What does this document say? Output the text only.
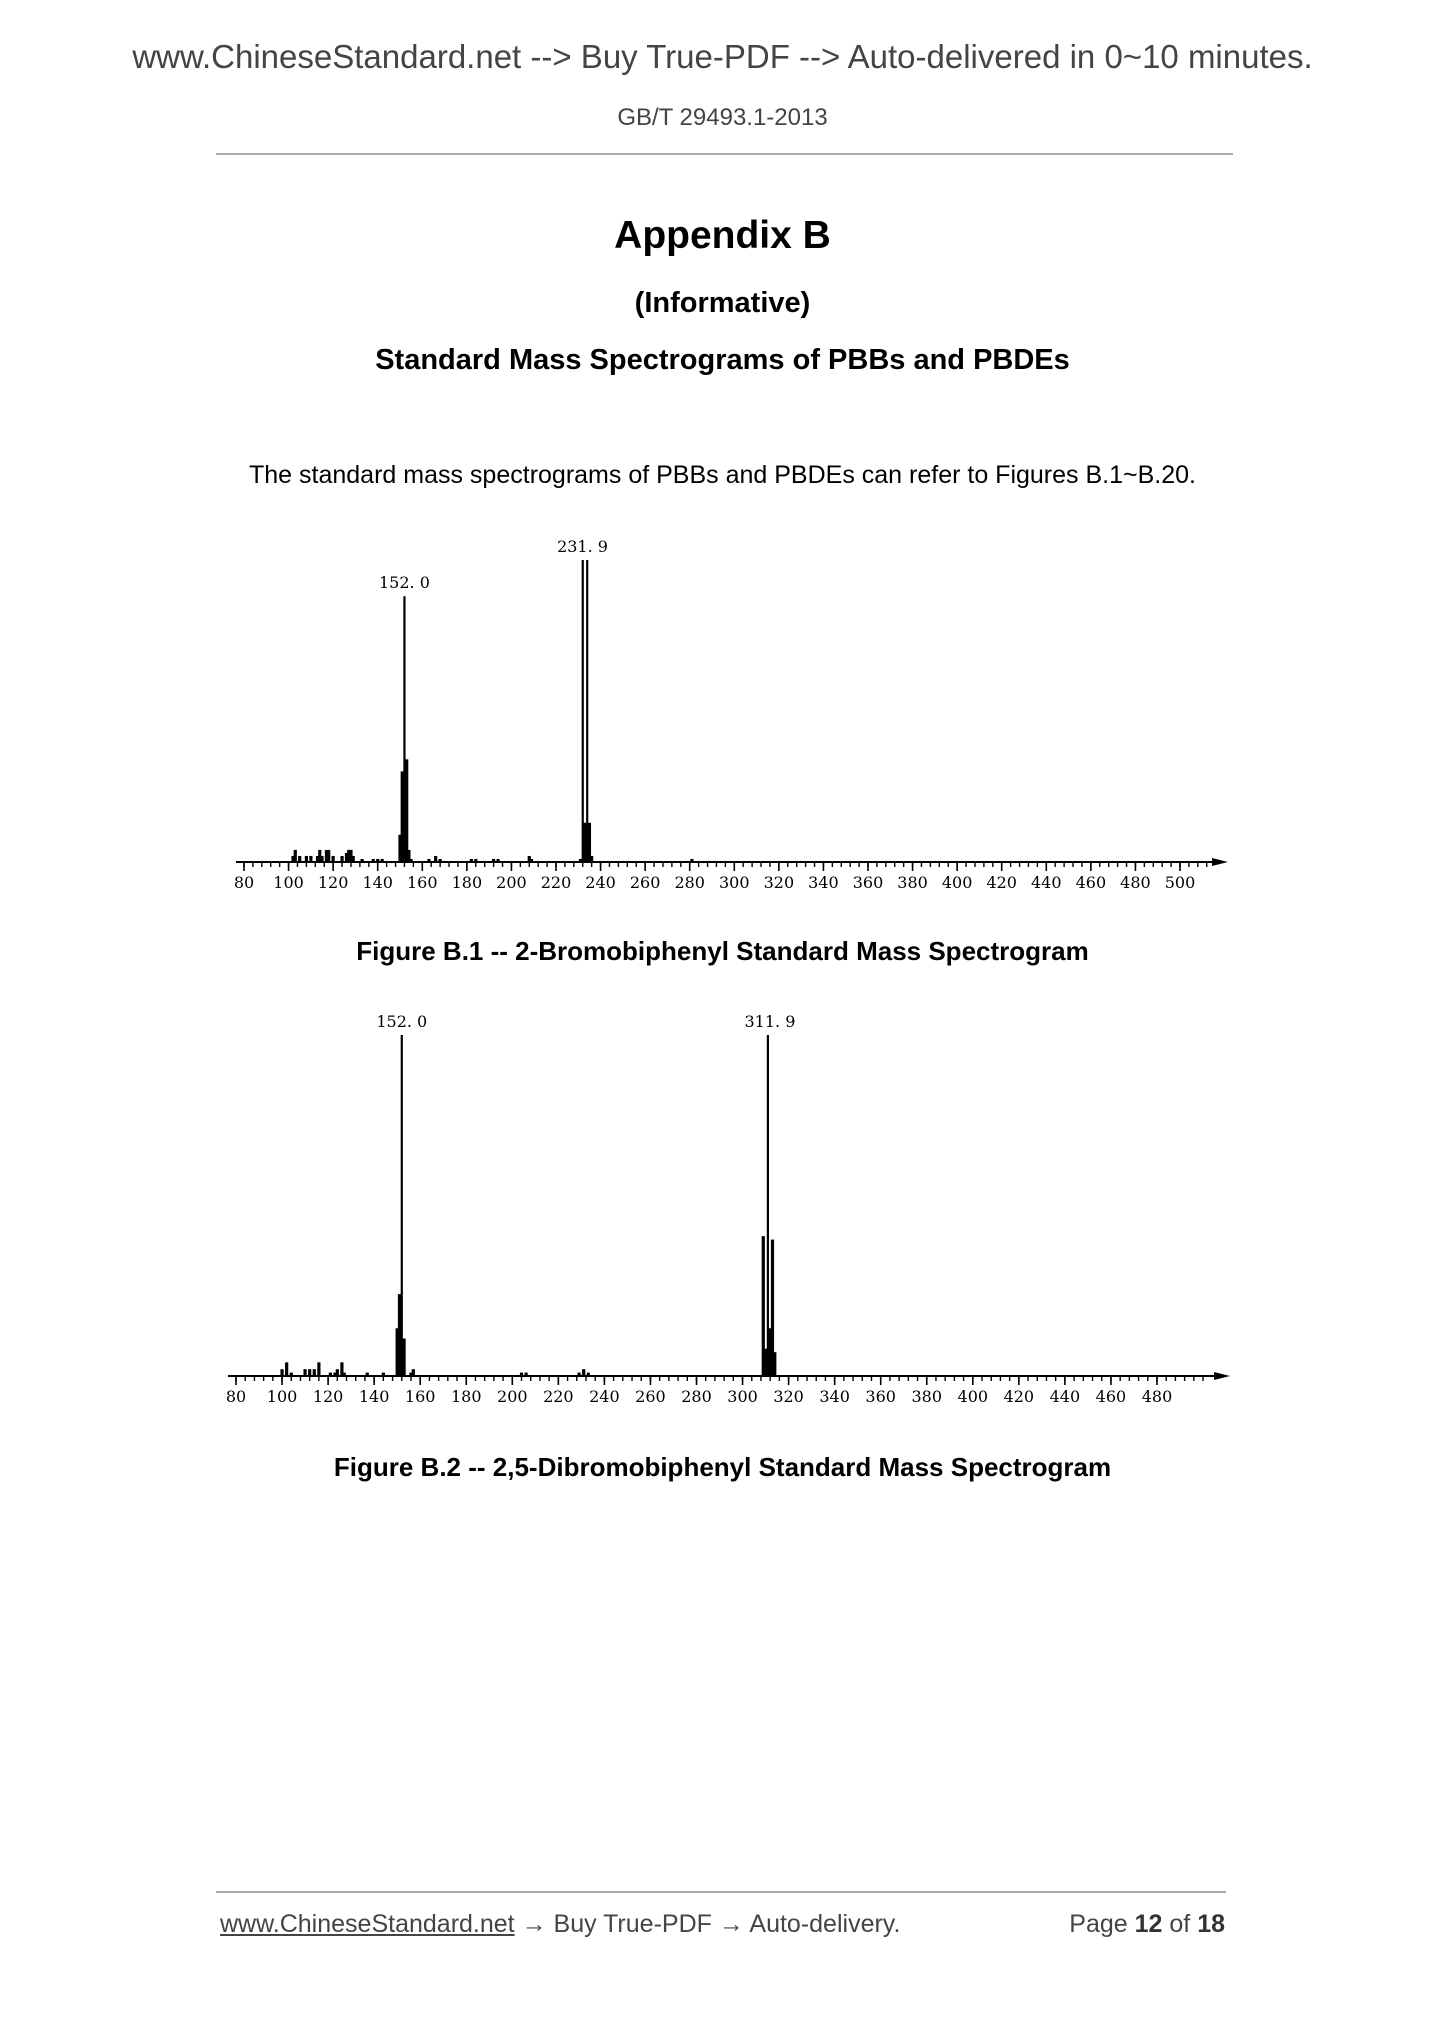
www.ChineseStandard.net --> Buy True-PDF --> Auto-delivered in 0~10 minutes.
GB/T 29493.1-2013
Appendix B
(Informative)
Standard Mass Spectrograms of PBBs and PBDEs
The standard mass spectrograms of PBBs and PBDEs can refer to Figures B.1~B.20.
80 100 120 140 160 180 200 220 240 260 280 300 320 340 360 380 400 420 440 460 480 500
152. 0
231. 9
Figure B.1 -- 2-Bromobiphenyl Standard Mass Spectrogram
80 100 120 140 160 180 200 220 240 260 280 300 320 340 360 380 400 420 440 460 480
152. 0	311. 9
Figure B.2 -- 2,5-Dibromobiphenyl Standard Mass Spectrogram
www.ChineseStandard.net → Buy True-PDF → Auto-delivery.	Page 12 of 18
